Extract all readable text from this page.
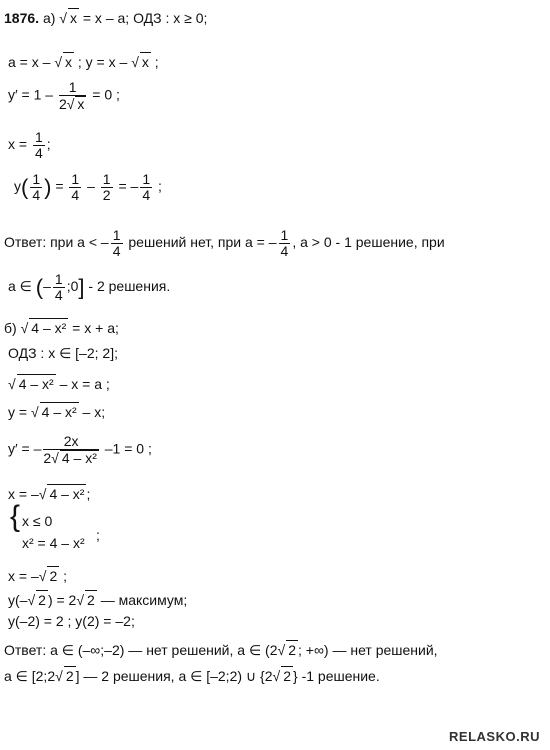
1876. а) √ x = x – a; ОДЗ : x ≥ 0;
a = x – √ x ; y = x – √ x ;
$y' = 1 - \frac{1}{2√ x} = 0$ ;
$x = \frac{1}{4}$ ;
$y( \frac{1}{4}$ ) = $\frac{1}{4} - \frac{1}{2}$ = – $\frac{1}{4}$ ;
Ответ: при a < – $\frac{1}{4}$ решений нет, при a = – $\frac{1}{4}$ , a > 0 - 1 решение, при
a ∈ (– $\frac{1}{4}$ ;0] - 2 решения.
б) √ 4 – x² = x + a;
ОДЗ : x ∈ [–2; 2];
√ 4 – x² – x = a ;
y = √ 4 – x² – x;
y′ = – $\frac{2x}{\text{2√ 4 – x²}} -1 = 0$ ;
x = –√ 4 – x² ;
{ x ≤ 0
x² = 4 – x² ;
x = –√ 2 ;
y(–√ 2 ) = 2√ 2 — максимум;
y(–2) = 2 ; y(2) = –2;
Ответ: a ∈ (–∞;–2) — нет решений, a ∈ (2√ 2 ; +∞) — нет решений,
a ∈ [2;2√ 2 ] — 2 решения, a ∈ [–2;2) ∪ {2√ 2 } -1 решение.
RELASKO.RU
